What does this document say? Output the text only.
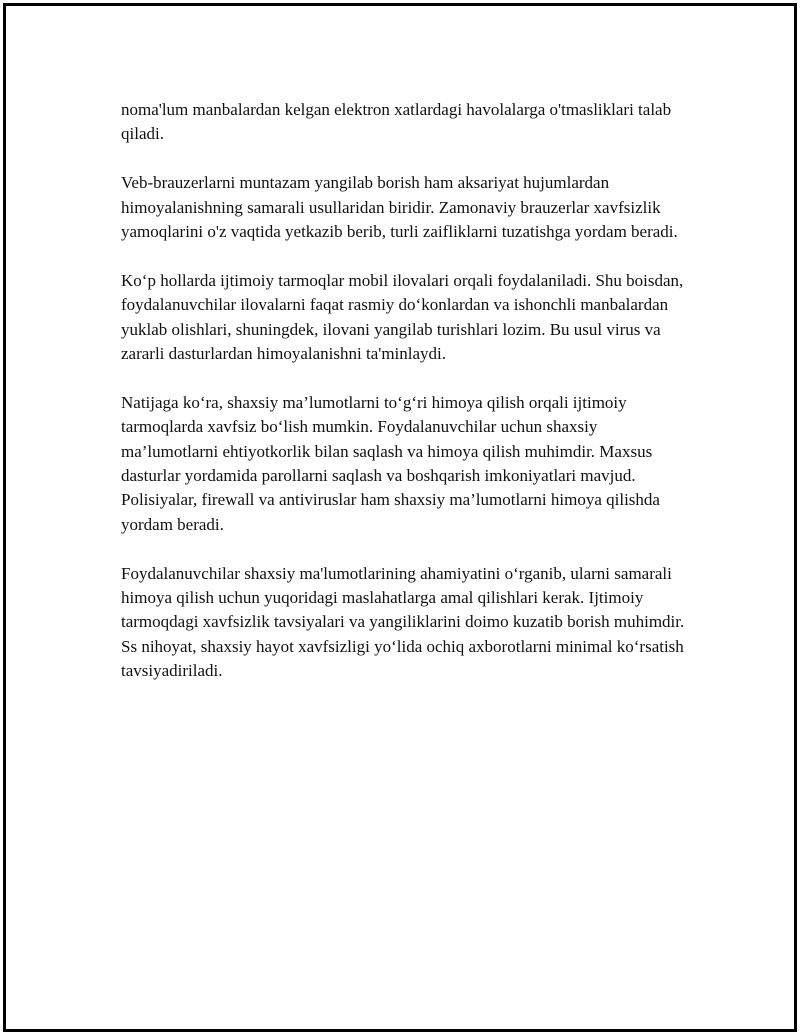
noma'lum manbalardan kelgan elektron xatlardagi havolalarga o'tmasliklari talab qiladi.

Veb-brauzerlarni muntazam yangilab borish ham aksariyat hujumlardan himoyalanishning samarali usullaridan biridir. Zamonaviy brauzerlar xavfsizlik yamoqlarini o'z vaqtida yetkazib berib, turli zaifliklarni tuzatishga yordam beradi.

Ko‘p hollarda ijtimoiy tarmoqlar mobil ilovalari orqali foydalaniladi. Shu boisdan, foydalanuvchilar ilovalarni faqat rasmiy do‘konlardan va ishonchli manbalardan yuklab olishlari, shuningdek, ilovani yangilab turishlari lozim. Bu usul virus va zararli dasturlardan himoyalanishni ta'minlaydi.

Natijaga ko‘ra, shaxsiy ma’lumotlarni to‘g‘ri himoya qilish orqali ijtimoiy tarmoqlarda xavfsiz bo‘lish mumkin. Foydalanuvchilar uchun shaxsiy ma’lumotlarni ehtiyotkorlik bilan saqlash va himoya qilish muhimdir. Maxsus dasturlar yordamida parollarni saqlash va boshqarish imkoniyatlari mavjud. Polisiyalar, firewall va antiviruslar ham shaxsiy ma’lumotlarni himoya qilishda yordam beradi.

Foydalanuvchilar shaxsiy ma'lumotlarining ahamiyatini o‘rganib, ularni samarali himoya qilish uchun yuqoridagi maslahatlarga amal qilishlari kerak. Ijtimoiy tarmoqdagi xavfsizlik tavsiyalari va yangiliklarini doimo kuzatib borish muhimdir. Ss nihoyat, shaxsiy hayot xavfsizligi yo‘lida ochiq axborotlarni minimal ko‘rsatish tavsiyadiriladi.
